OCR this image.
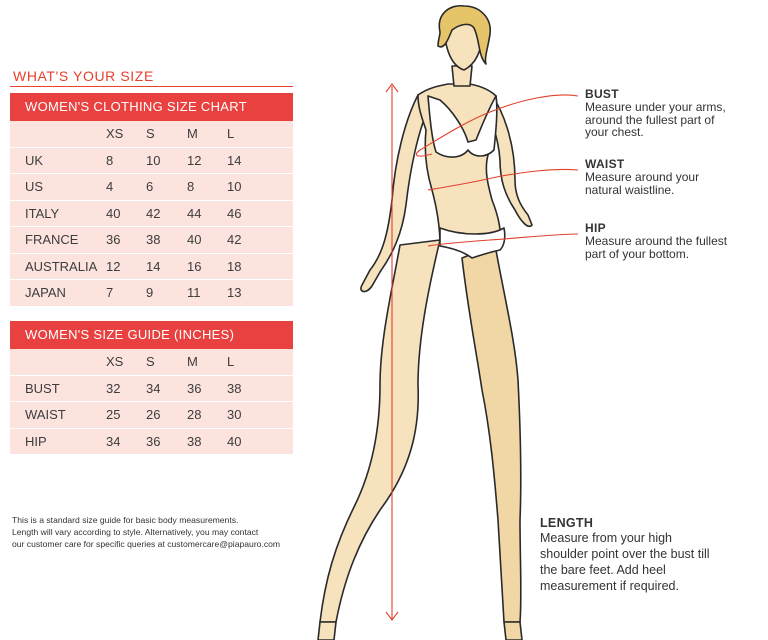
WHAT'S YOUR SIZE
WOMEN'S CLOTHING SIZE CHART
XS S M L
UK	8	10 12 14
US	4	6	8	10
ITALY	40 42 44 46
FRANCE 36 38 40 42
AUSTRALIA 12 14 16 18
JAPAN	7	9	11 13
WOMEN'S SIZE GUIDE (INCHES)
XS S M L
BUST	32 34 36 38
WAIST	25 26 28 30
HIP	34 36 38 40
This is a standard size guide for basic body measurements.
Length will vary according to style. Alternatively, you may contact
our customer care for specific queries at customercare@piapauro.com
BUST
Measure under your arms,
around the fullest part of
your chest.
WAIST
Measure around your
natural waistline.
HIP
Measure around the fullest
part of your bottom.
LENGTH
Measure from your high
shoulder point over the bust till
the bare feet. Add heel
measurement if required.
